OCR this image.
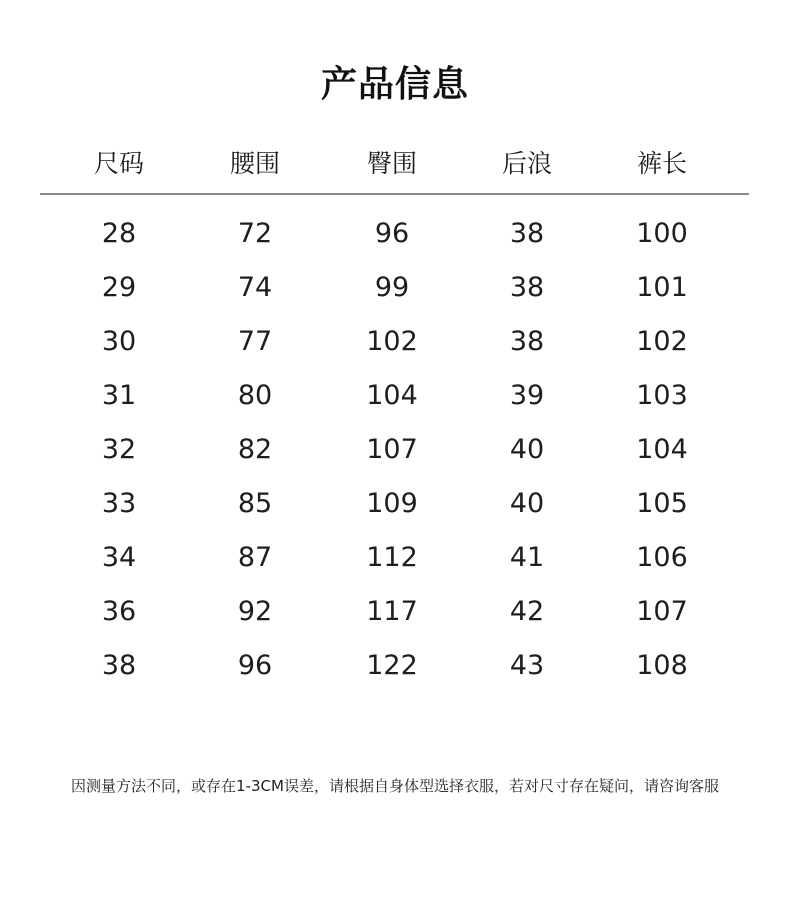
产品信息
尺码	腰围	臀围	后浪	裤长
28	72	96	38	100
29	74	99	38	101
30	77	102	38	102
31	80	104	39	103
32	82	107	40	104
33	85	109	40	105
34	87	112	41	106
36	92	117	42	107
38	96	122	43	108
因测量方法不同，或存在1-3CM误差，请根据自身体型选择衣服，若对尺寸存在疑问，请咨询客服
